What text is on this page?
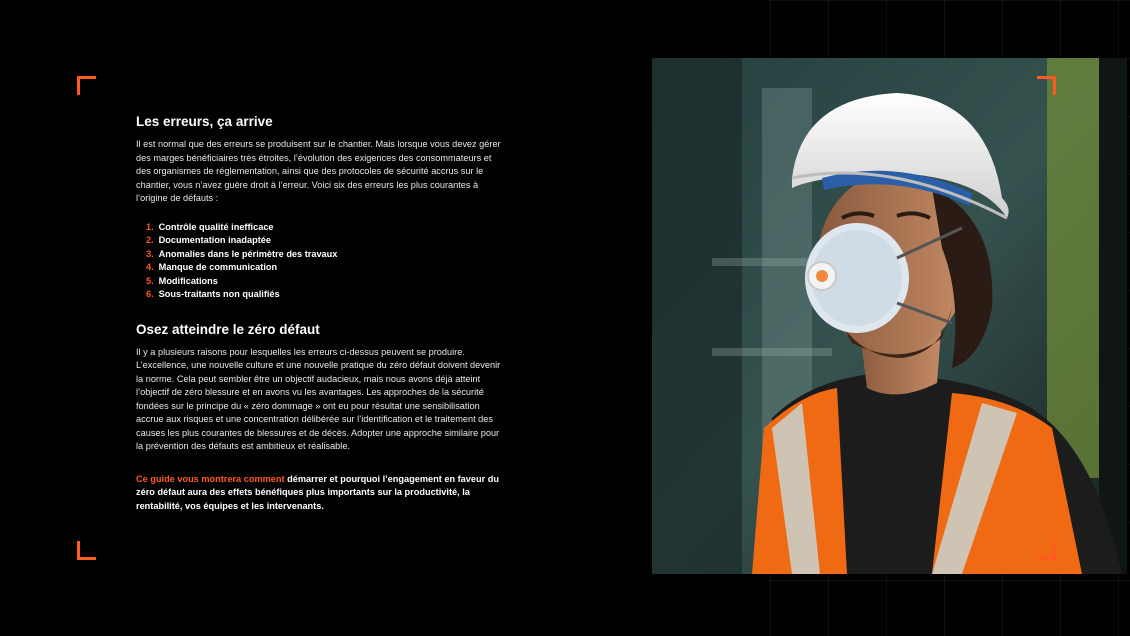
Les erreurs, ça arrive

Il est normal que des erreurs se produisent sur le chantier. Mais lorsque vous devez gérer des marges bénéficiaires très étroites, l’évolution des exigences des consommateurs et des organismes de réglementation, ainsi que des protocoles de sécurité accrus sur le chantier, vous n’avez guère droit à l’erreur. Voici six des erreurs les plus courantes à l’origine de défauts :

1. Contrôle qualité inefficace
2. Documentation inadaptée
3. Anomalies dans le périmètre des travaux
4. Manque de communication
5. Modifications
6. Sous-traitants non qualifiés
Osez atteindre le zéro défaut

Il y a plusieurs raisons pour lesquelles les erreurs ci-dessus peuvent se produire. L’excellence, une nouvelle culture et une nouvelle pratique du zéro défaut doivent devenir la norme. Cela peut sembler être un objectif audacieux, mais nous avons déjà atteint l’objectif de zéro blessure et en avons vu les avantages. Les approches de la sécurité fondées sur le principe du « zéro dommage » ont eu pour résultat une sensibilisation accrue aux risques et une concentration délibérée sur l’identification et le traitement des causes les plus courantes de blessures et de décès. Adopter une approche similaire pour la prévention des défauts est ambitieux et réalisable.

Ce guide vous montrera comment démarrer et pourquoi l’engagement en faveur du zéro défaut aura des effets bénéfiques plus importants sur la productivité, la rentabilité, vos équipes et les intervenants.
